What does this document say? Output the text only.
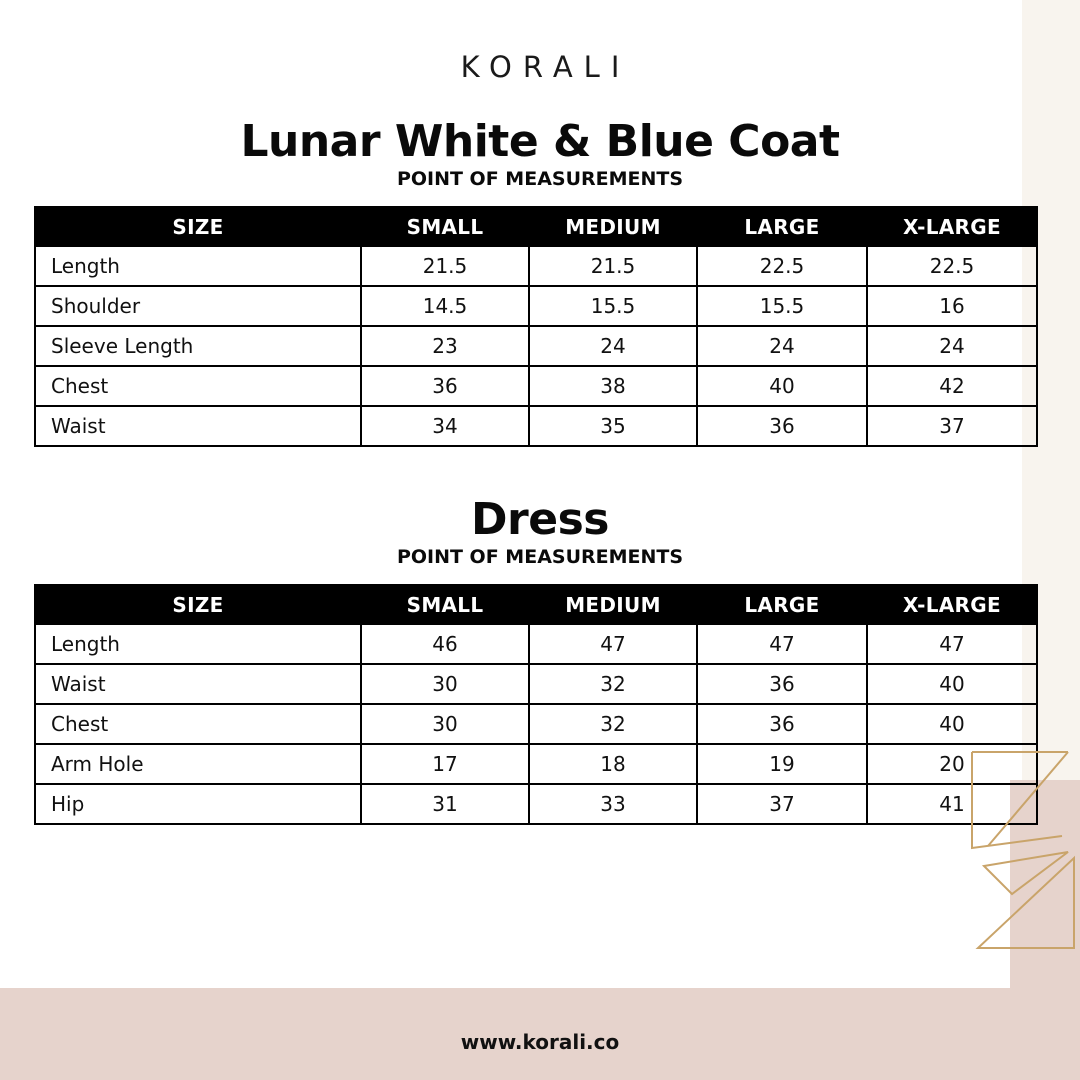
KORALI
Lunar White & Blue Coat
POINT OF MEASUREMENTS
SIZE	SMALL	MEDIUM	LARGE	X-LARGE
Length	21.5	21.5	22.5	22.5
Shoulder	14.5	15.5	15.5	16
Sleeve Length	23	24	24	24
Chest	36	38	40	42
Waist	34	35	36	37
Dress
POINT OF MEASUREMENTS
SIZE	SMALL	MEDIUM	LARGE	X-LARGE
Length	46	47	47	47
Waist	30	32	36	40
Chest	30	32	36	40
Arm Hole	17	18	19	20
Hip	31	33	37	41
www.korali.co
